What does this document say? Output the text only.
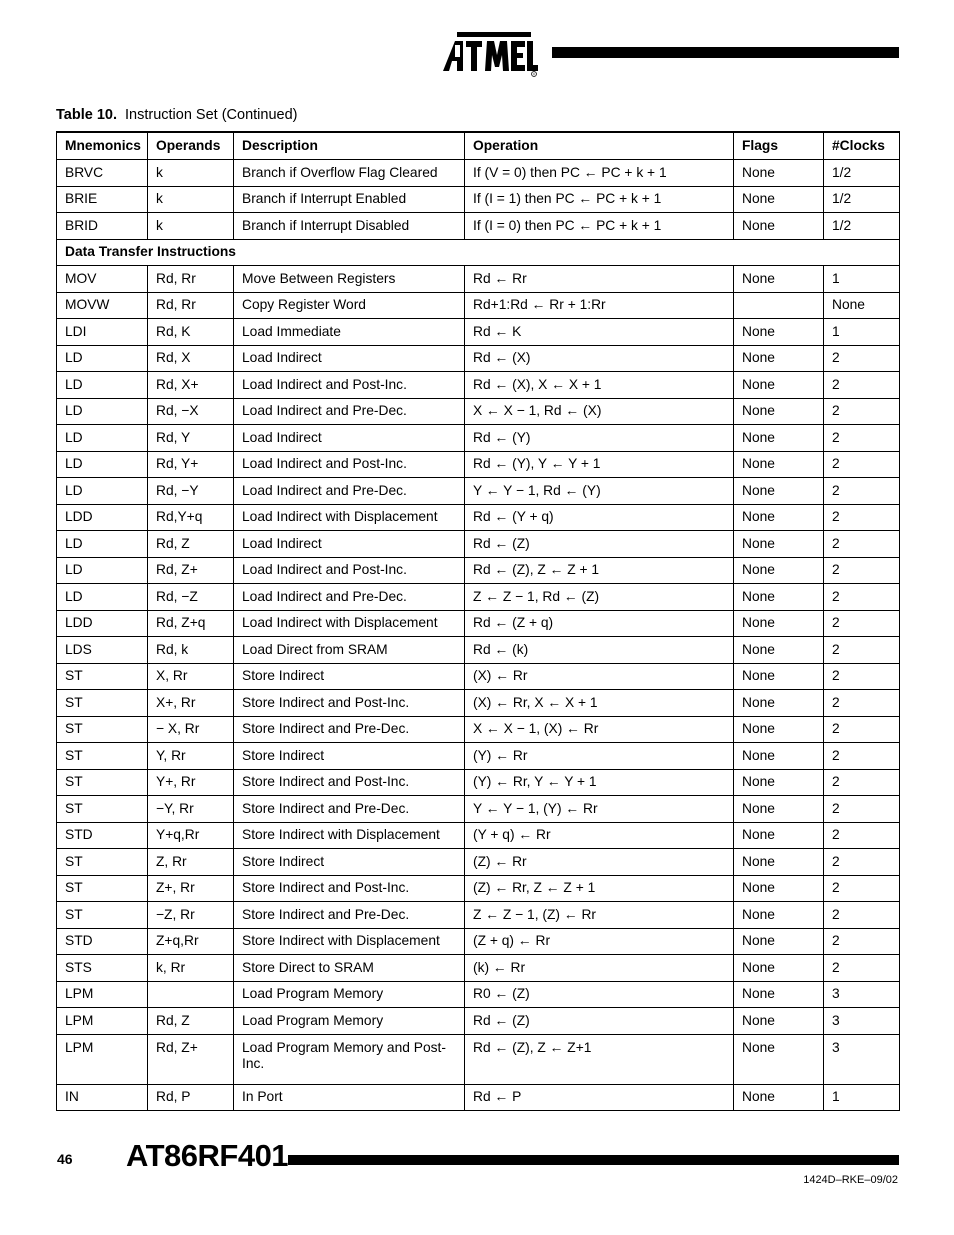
®
Table 10. Instruction Set (Continued)
Mnemonics	Operands	Description	Operation	Flags	#Clocks
BRVC	k	Branch if Overflow Flag Cleared	If (V = 0) then PC ← PC + k + 1	None	1/2
BRIE	k	Branch if Interrupt Enabled	If (I = 1) then PC ← PC + k + 1	None	1/2
BRID	k	Branch if Interrupt Disabled	If (I = 0) then PC ← PC + k + 1	None	1/2
Data Transfer Instructions					
MOV	Rd, Rr	Move Between Registers	Rd ← Rr	None	1
MOVW	Rd, Rr	Copy Register Word	Rd+1:Rd ← Rr + 1:Rr		None
LDI	Rd, K	Load Immediate	Rd ← K	None	1
LD	Rd, X	Load Indirect	Rd ← (X)	None	2
LD	Rd, X+	Load Indirect and Post-Inc.	Rd ← (X), X ← X + 1	None	2
LD	Rd, −X	Load Indirect and Pre-Dec.	X ← X − 1, Rd ← (X)	None	2
LD	Rd, Y	Load Indirect	Rd ← (Y)	None	2
LD	Rd, Y+	Load Indirect and Post-Inc.	Rd ← (Y), Y ← Y + 1	None	2
LD	Rd, −Y	Load Indirect and Pre-Dec.	Y ← Y − 1, Rd ← (Y)	None	2
LDD	Rd,Y+q	Load Indirect with Displacement	Rd ← (Y + q)	None	2
LD	Rd, Z	Load Indirect	Rd ← (Z)	None	2
LD	Rd, Z+	Load Indirect and Post-Inc.	Rd ← (Z), Z ← Z + 1	None	2
LD	Rd, −Z	Load Indirect and Pre-Dec.	Z ← Z − 1, Rd ← (Z)	None	2
LDD	Rd, Z+q	Load Indirect with Displacement	Rd ← (Z + q)	None	2
LDS	Rd, k	Load Direct from SRAM	Rd ← (k)	None	2
ST	X, Rr	Store Indirect	(X) ← Rr	None	2
ST	X+, Rr	Store Indirect and Post-Inc.	(X) ← Rr, X ← X + 1	None	2
ST	− X, Rr	Store Indirect and Pre-Dec.	X ← X − 1, (X) ← Rr	None	2
ST	Y, Rr	Store Indirect	(Y) ← Rr	None	2
ST	Y+, Rr	Store Indirect and Post-Inc.	(Y) ← Rr, Y ← Y + 1	None	2
ST	−Y, Rr	Store Indirect and Pre-Dec.	Y ← Y − 1, (Y) ← Rr	None	2
STD	Y+q,Rr	Store Indirect with Displacement	(Y + q) ← Rr	None	2
ST	Z, Rr	Store Indirect	(Z) ← Rr	None	2
ST	Z+, Rr	Store Indirect and Post-Inc.	(Z) ← Rr, Z ← Z + 1	None	2
ST	−Z, Rr	Store Indirect and Pre-Dec.	Z ← Z − 1, (Z) ← Rr	None	2
STD	Z+q,Rr	Store Indirect with Displacement	(Z + q) ← Rr	None	2
STS	k, Rr	Store Direct to SRAM	(k) ← Rr	None	2
LPM		Load Program Memory	R0 ← (Z)	None	3
LPM	Rd, Z	Load Program Memory	Rd ← (Z)	None	3
LPM	Rd, Z+	Load Program Memory and Post-Inc.	Rd ← (Z), Z ← Z+1	None	3
IN	Rd, P	In Port	Rd ← P	None	1
46 AT86RF401
1424D–RKE–09/02
